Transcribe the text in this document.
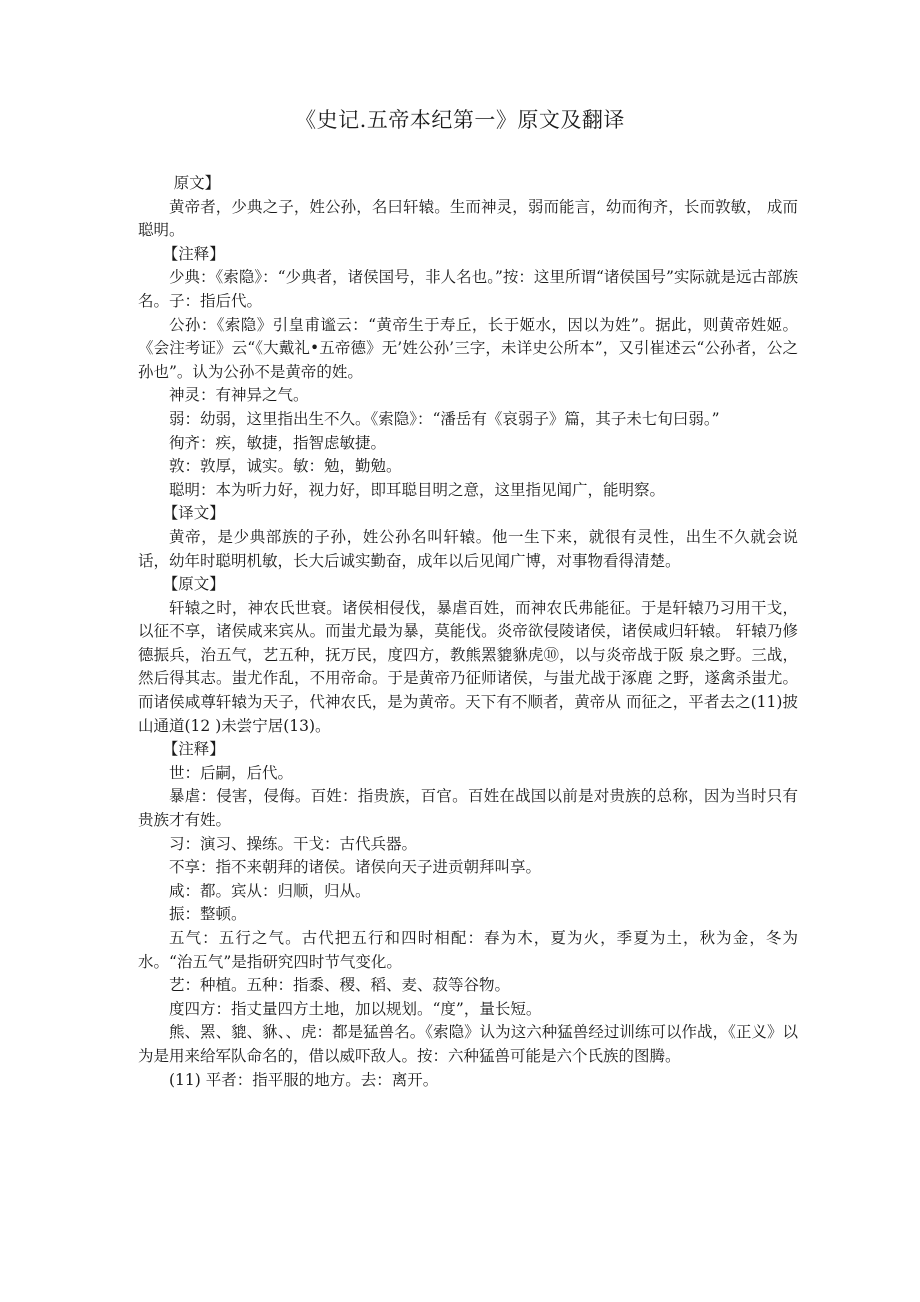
《史记.五帝本纪第一》原文及翻译

原文】

黄帝者，少典之子，姓公孙，名曰轩辕。生而神灵，弱而能言，幼而徇齐，长而敦敏， 成而聪明。

【注释】

少典：《索隐》：“少典者，诸侯国号，非人名也。”按：这里所谓“诸侯国号”实际就是远古部族名。子：指后代。

公孙：《索隐》引皇甫谧云：“黄帝生于寿丘，长于姬水，因以为姓”。据此，则黄帝姓姬。《会注考证》云“《大戴礼•五帝德》无’姓公孙’三字，未详史公所本”，又引崔述云“公孙者，公之孙也”。认为公孙不是黄帝的姓。

神灵：有神异之气。

弱：幼弱，这里指出生不久。《索隐》：“潘岳有《哀弱子》篇，其子未七旬曰弱。”

徇齐：疾，敏捷，指智虑敏捷。

敦：敦厚，诚实。敏：勉，勤勉。

聪明：本为听力好，视力好，即耳聪目明之意，这里指见闻广，能明察。

【译文】

黄帝，是少典部族的子孙，姓公孙名叫轩辕。他一生下来，就很有灵性，出生不久就会说话，幼年时聪明机敏，长大后诚实勤奋，成年以后见闻广博，对事物看得清楚。

【原文】

轩辕之时，神农氏世衰。诸侯相侵伐，暴虐百姓，而神农氏弗能征。于是轩辕乃习用干戈，以征不享，诸侯咸来宾从。而蚩尤最为暴，莫能伐。炎帝欲侵陵诸侯，诸侯咸归轩辕。 轩辕乃修德振兵，治五气，艺五种，抚万民，度四方，教熊罴貔貅虎⑩，以与炎帝战于阪 泉之野。三战，然后得其志。蚩尤作乱，不用帝命。于是黄帝乃征师诸侯，与蚩尤战于涿鹿 之野，遂禽杀蚩尤。而诸侯咸尊轩辕为天子，代神农氏，是为黄帝。天下有不顺者，黄帝从 而征之，平者去之(11)披山通道(12 )未尝宁居(13)。

【注释】

世：后嗣，后代。

暴虐：侵害，侵侮。百姓：指贵族，百官。百姓在战国以前是对贵族的总称，因为当时只有贵族才有姓。

习：演习、操练。干戈：古代兵器。

不享：指不来朝拜的诸侯。诸侯向天子进贡朝拜叫享。

咸：都。宾从：归顺，归从。

振：整顿。

五气：五行之气。古代把五行和四时相配：春为木，夏为火，季夏为土，秋为金，冬为水。“治五气”是指研究四时节气变化。

艺：种植。五种：指黍、稷、稻、麦、菽等谷物。

度四方：指丈量四方土地，加以规划。“度”，量长短。

熊、罴、貔、貅、、虎：都是猛兽名。《索隐》认为这六种猛兽经过训练可以作战，《正义》以为是用来给军队命名的，借以威吓敌人。按：六种猛兽可能是六个氏族的图腾。

(11) 平者：指平服的地方。去：离开。
